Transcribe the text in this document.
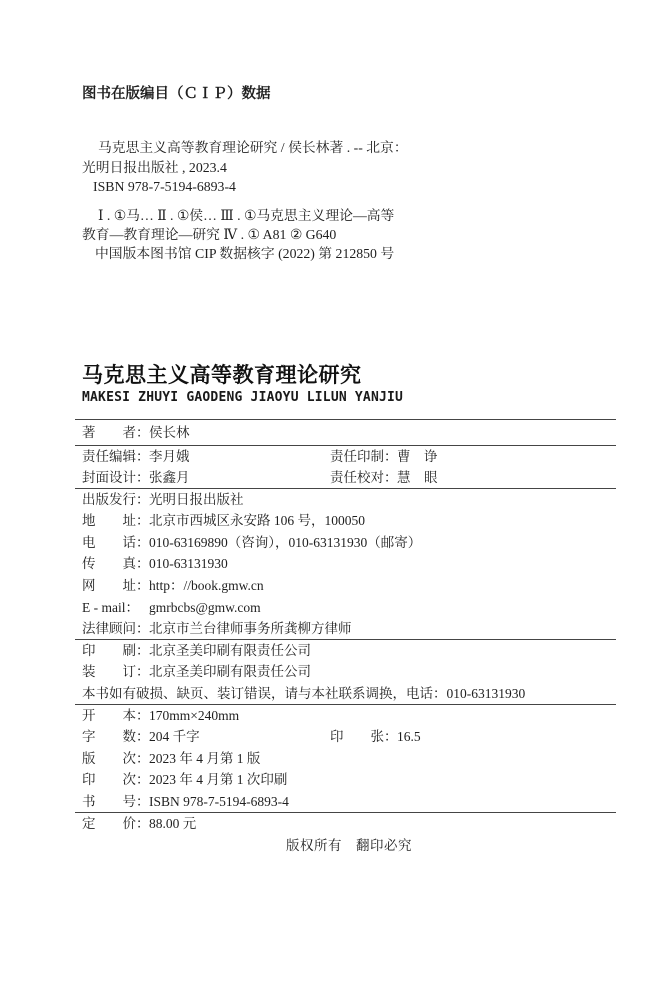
图书在版编目（ＣＩＰ）数据

马克思主义高等教育理论研究 / 侯长林著 . -- 北京：

光明日报出版社 , 2023.4

ISBN 978-7-5194-6893-4

Ⅰ . ①马… Ⅱ . ①侯… Ⅲ . ①马克思主义理论—高等

教育—教育理论—研究 Ⅳ . ① A81 ② G640

中国版本图书馆 CIP 数据核字 (2022) 第 212850 号

马克思主义高等教育理论研究

MAKESI ZHUYI GAODENG JIAOYU LILUN YANJIU

著　　者：侯长林
责任编辑：李月娥	责任印制：曹　诤
封面设计：张鑫月	责任校对：慧　眼
出版发行：光明日报出版社
地　　址：北京市西城区永安路 106 号，100050
电　　话：010-63169890（咨询），010-63131930（邮寄）
传　　真：010-63131930
网　　址：http：//book.gmw.cn
E - mail： gmrbcbs@gmw.com
法律顾问：北京市兰台律师事务所龚柳方律师
印　　刷：北京圣美印刷有限责任公司
装　　订：北京圣美印刷有限责任公司
本书如有破损、缺页、装订错误，请与本社联系调换，电话：010-63131930
开　　本：170mm×240mm
字　　数：204 千字	印　　张：16.5
版　　次：2023 年 4 月第 1 版
印　　次：2023 年 4 月第 1 次印刷
书　　号：ISBN 978-7-5194-6893-4
定　　价：88.00 元

版权所有　翻印必究
